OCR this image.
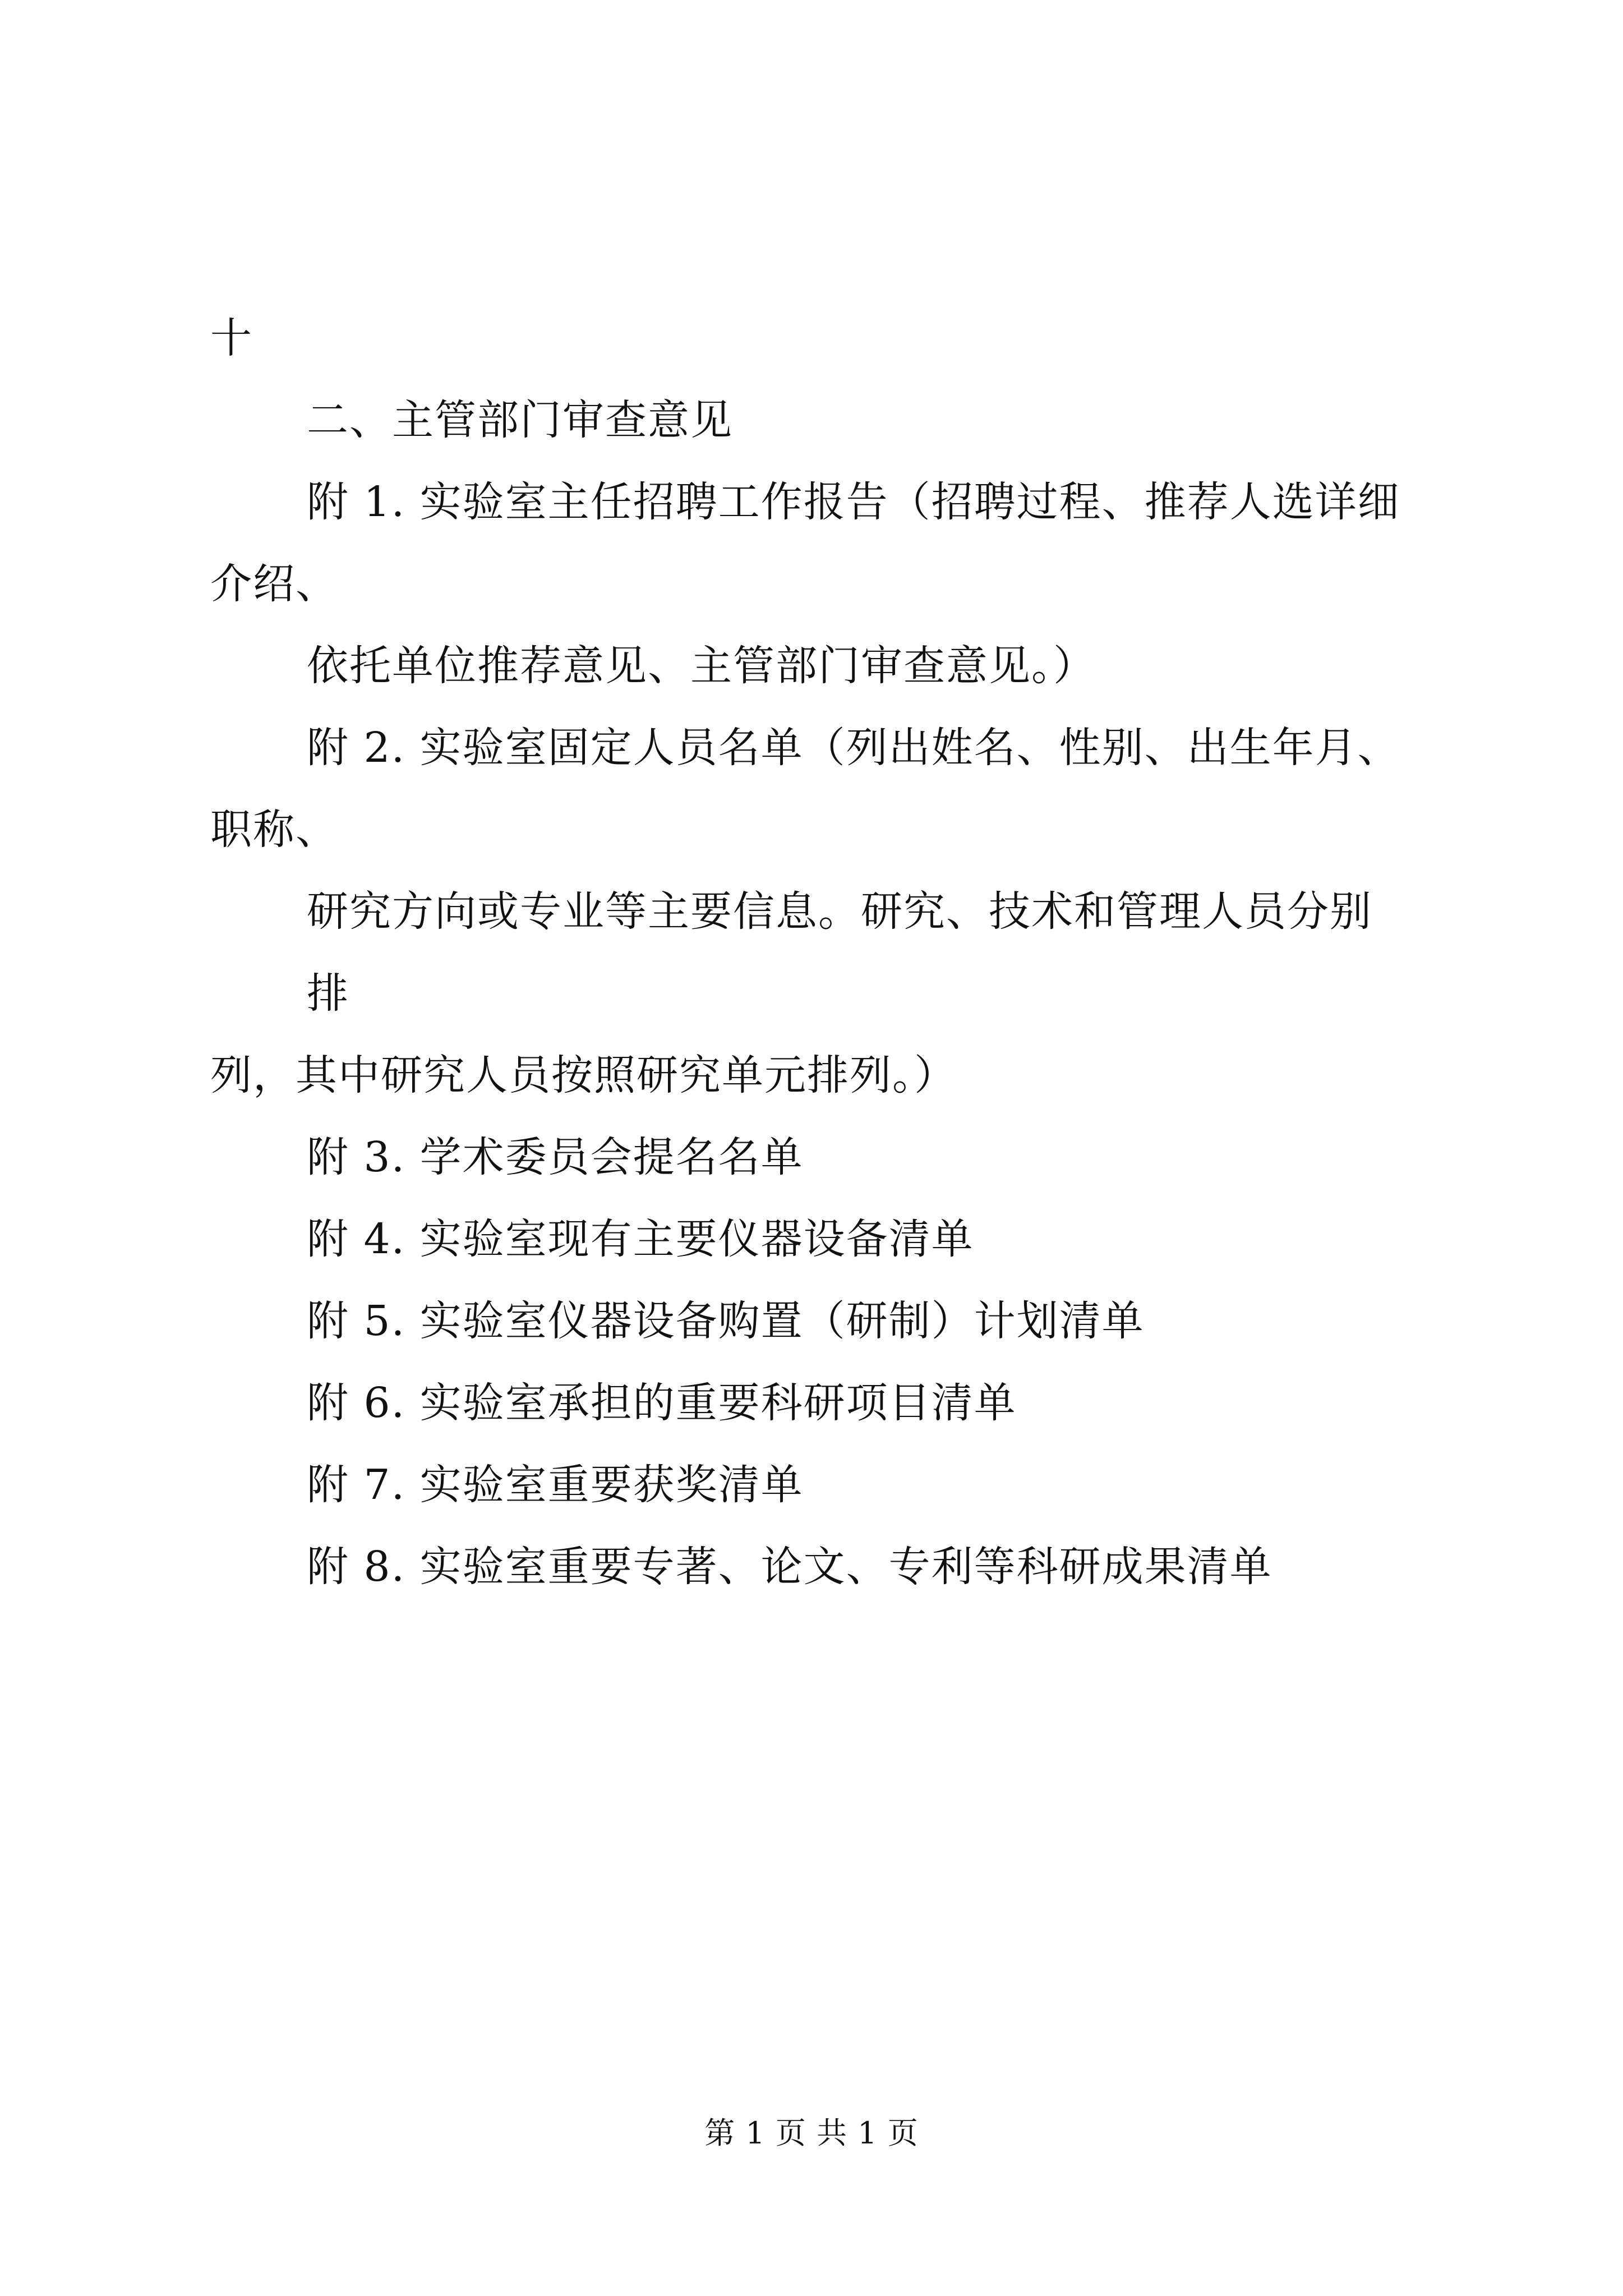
十

二、主管部门审查意见

附 1. 实验室主任招聘工作报告（招聘过程、推荐人选详细

介绍、

依托单位推荐意见、主管部门审查意见。）

附 2. 实验室固定人员名单（列出姓名、性别、出生年月、

职称、

研究方向或专业等主要信息。研究、技术和管理人员分别排

列，其中研究人员按照研究单元排列。）

附 3. 学术委员会提名名单

附 4. 实验室现有主要仪器设备清单

附 5. 实验室仪器设备购置（研制）计划清单

附 6. 实验室承担的重要科研项目清单

附 7. 实验室重要获奖清单

附 8. 实验室重要专著、论文、专利等科研成果清单

第 1 页 共 1 页
